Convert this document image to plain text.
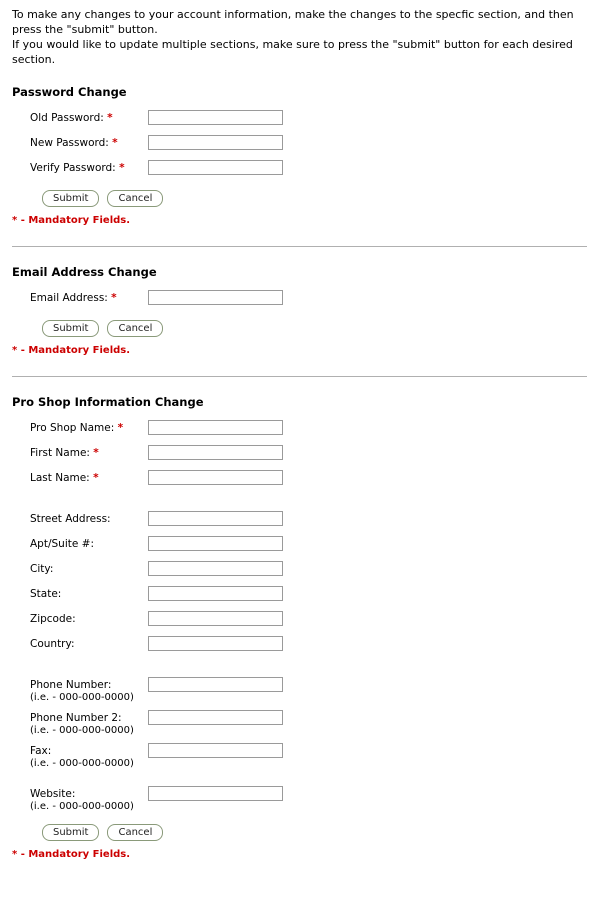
To make any changes to your account information, make the changes to the specfic section, and then press the "submit" button.
If you would like to update multiple sections, make sure to press the "submit" button for each desired section.
Password Change
Old Password: *
New Password: *
Verify Password: *
Submit	Cancel
* - Mandatory Fields.
Email Address Change
Email Address: *
Submit	Cancel
* - Mandatory Fields.
Pro Shop Information Change
Pro Shop Name: *
First Name: *
Last Name: *
Street Address:
Apt/Suite #:
City:
State:
Zipcode:
Country:
Phone Number:
(i.e. - 000-000-0000)
Phone Number 2:
(i.e. - 000-000-0000)
Fax:
(i.e. - 000-000-0000)
Website:
(i.e. - 000-000-0000)
Submit	Cancel
* - Mandatory Fields.
